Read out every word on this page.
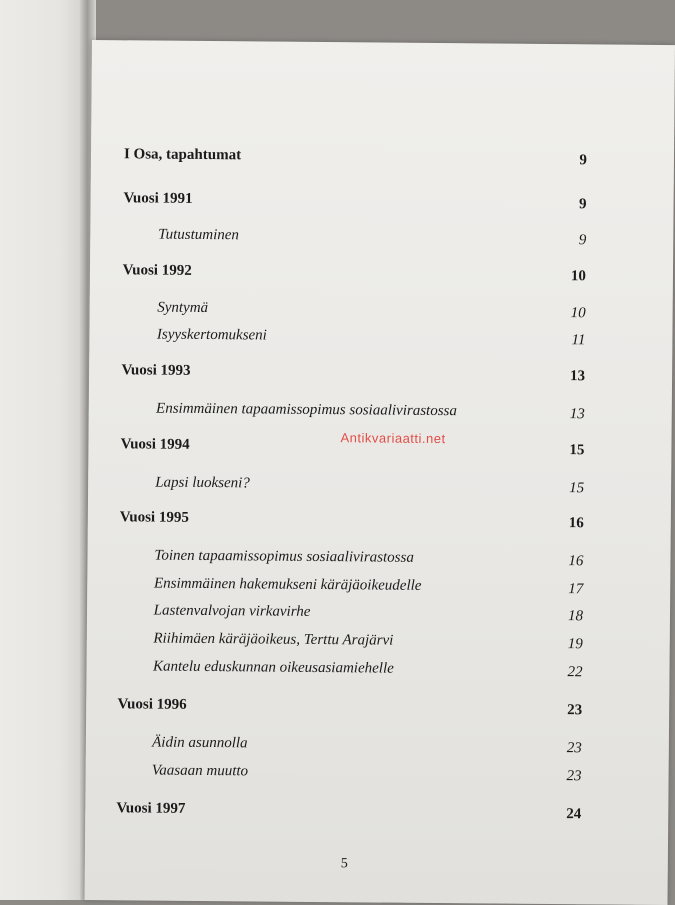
I Osa, tapahtumat	9
Vuosi 1991	9
Tutustuminen	9
Vuosi 1992	10
Syntymä	10
Isyyskertomukseni	11
Vuosi 1993	13
Ensimmäinen tapaamissopimus sosiaalivirastossa	13
Vuosi 1994	15
Lapsi luokseni?	15
Vuosi 1995	16
Toinen tapaamissopimus sosiaalivirastossa	16
Ensimmäinen hakemukseni käräjäoikeudelle	17
Lastenvalvojan virkavirhe	18
Riihimäen käräjäoikeus, Terttu Arajärvi	19
Kantelu eduskunnan oikeusasiamiehelle	22
Vuosi 1996	23
Äidin asunnolla	23
Vaasaan muutto	23
Vuosi 1997	24
Antikvariaatti.net
5
